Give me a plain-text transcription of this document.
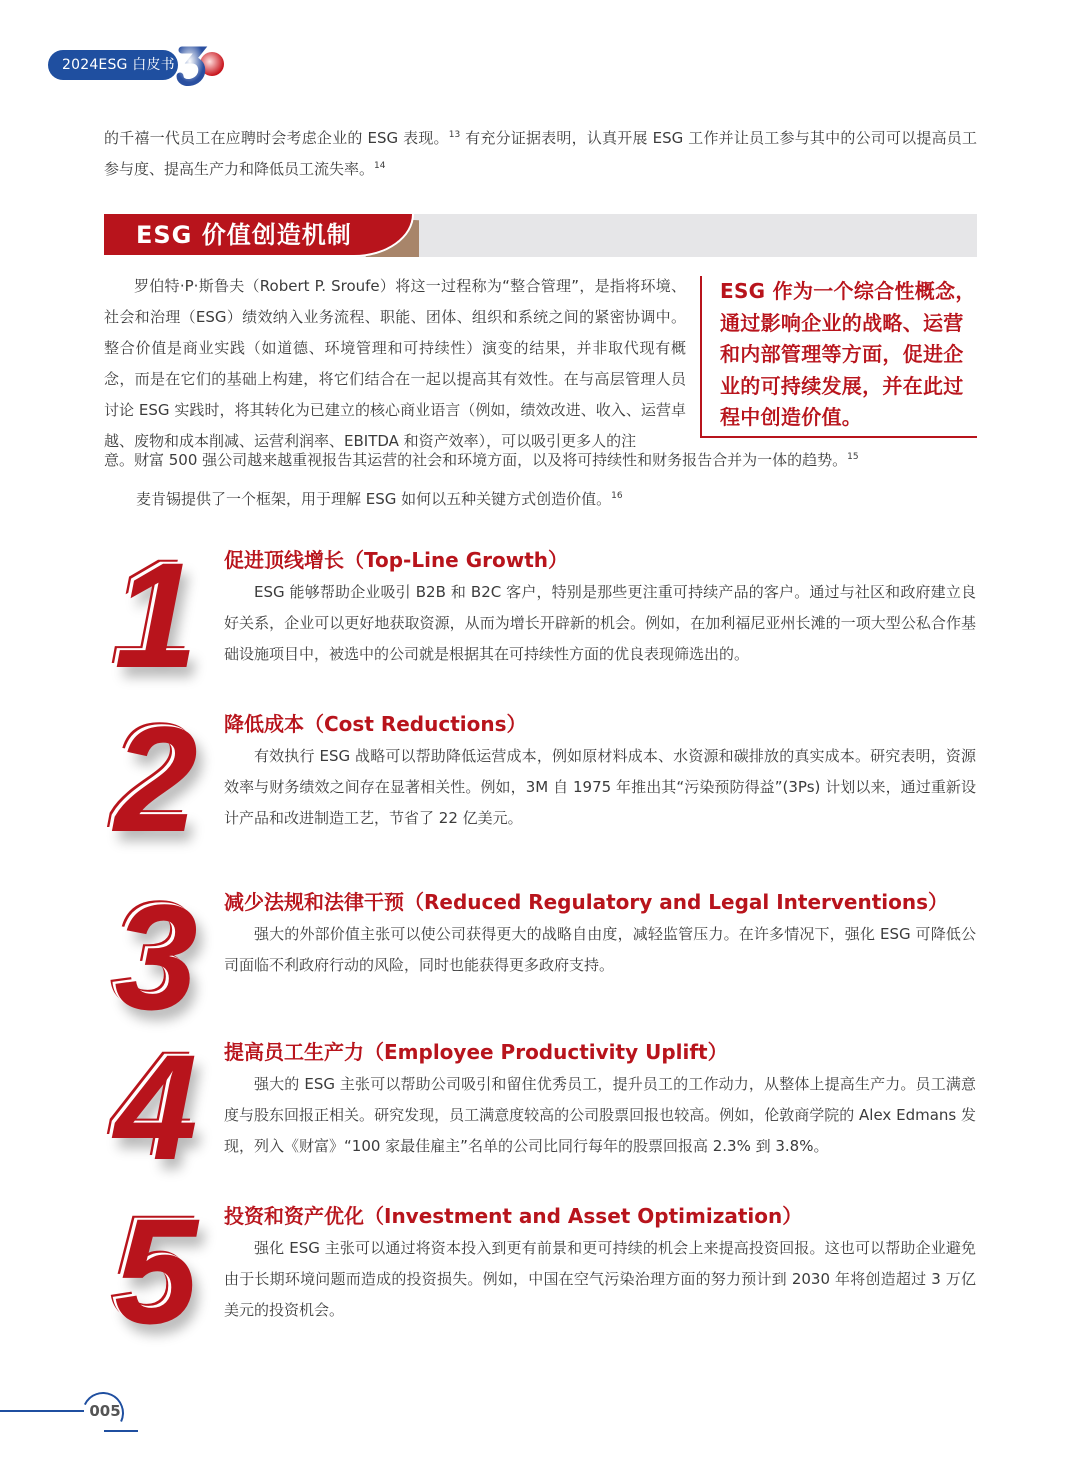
2024ESG 白皮书
的千禧一代员工在应聘时会考虑企业的 ESG 表现。$^{13}$ 有充分证据表明，认真开展 ESG 工作并让员工参与其中的公司可以提高员工参与度、提高生产力和降低员工流失率。$^{14}$
ESG 价值创造机制

罗伯特·P·斯鲁夫（Robert P. Sroufe）将这一过程称为“整合管理”，是指将环境、社会和治理（ESG）绩效纳入业务流程、职能、团体、组织和系统之间的紧密协调中。整合价值是商业实践（如道德、环境管理和可持续性）演变的结果，并非取代现有概念，而是在它们的基础上构建，将它们结合在一起以提高其有效性。在与高层管理人员讨论 ESG 实践时，将其转化为已建立的核心商业语言（例如，绩效改进、收入、运营卓越、废物和成本削减、运营利润率、EBITDA 和资产效率），可以吸引更多人的注

意。财富 500 强公司越来越重视报告其运营的社会和环境方面，以及将可持续性和财务报告合并为一体的趋势。$^{15}$
ESG 作为一个综合性概念，通过影响企业的战略、运营和内部管理等方面，促进企业的可持续发展，并在此过程中创造价值。
麦肯锡提供了一个框架，用于理解 ESG 如何以五种关键方式创造价值。$^{16}$
1	促进顶线增长（Top-Line Growth）

ESG 能够帮助企业吸引 B2B 和 B2C 客户，特别是那些更注重可持续产品的客户。通过与社区和政府建立良好关系，企业可以更好地获取资源，从而为增长开辟新的机会。例如，在加利福尼亚州长滩的一项大型公私合作基础设施项目中，被选中的公司就是根据其在可持续性方面的优良表现筛选出的。

2	降低成本（Cost Reductions）

有效执行 ESG 战略可以帮助降低运营成本，例如原材料成本、水资源和碳排放的真实成本。研究表明，资源效率与财务绩效之间存在显著相关性。例如，3M 自 1975 年推出其“污染预防得益”(3Ps) 计划以来，通过重新设计产品和改进制造工艺，节省了 22 亿美元。

3	减少法规和法律干预（Reduced Regulatory and Legal Interventions）

强大的外部价值主张可以使公司获得更大的战略自由度，减轻监管压力。在许多情况下，强化 ESG 可降低公司面临不利政府行动的风险，同时也能获得更多政府支持。

4	提高员工生产力（Employee Productivity Uplift）

强大的 ESG 主张可以帮助公司吸引和留住优秀员工，提升员工的工作动力，从整体上提高生产力。员工满意度与股东回报正相关。研究发现，员工满意度较高的公司股票回报也较高。例如，伦敦商学院的 Alex Edmans 发现，列入《财富》“100 家最佳雇主”名单的公司比同行每年的股票回报高 2.3% 到 3.8%。

5	投资和资产优化（Investment and Asset Optimization）

强化 ESG 主张可以通过将资本投入到更有前景和更可持续的机会上来提高投资回报。这也可以帮助企业避免由于长期环境问题而造成的投资损失。例如，中国在空气污染治理方面的努力预计到 2030 年将创造超过 3 万亿美元的投资机会。

005
